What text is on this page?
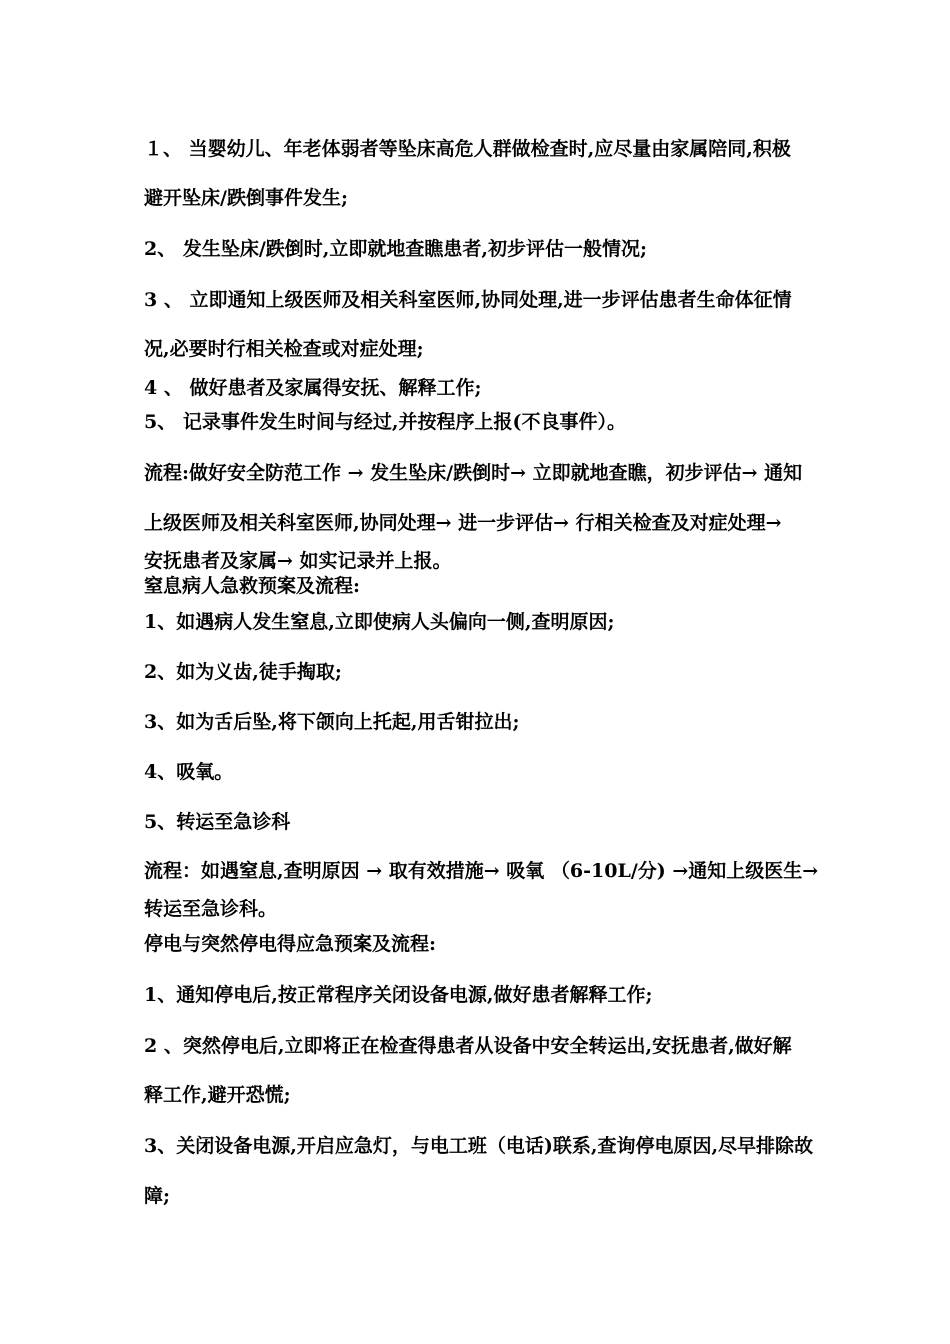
１、 当婴幼儿、年老体弱者等坠床高危人群做检查时,应尽量由家属陪同,积极
避开坠床/跌倒事件发生;
2、 发生坠床/跌倒时,立即就地查瞧患者,初步评估一般情况;
3 、 立即通知上级医师及相关科室医师,协同处理,进一步评估患者生命体征情
况,必要时行相关检查或对症处理;
4 、 做好患者及家属得安抚、解释工作;
5、 记录事件发生时间与经过,并按程序上报(不良事件）。
流程:做好安全防范工作 → 发生坠床/跌倒时→ 立即就地查瞧，初步评估→ 通知
上级医师及相关科室医师,协同处理→ 进一步评估→ 行相关检查及对症处理→
安抚患者及家属→ 如实记录并上报。
窒息病人急救预案及流程:
1、如遇病人发生窒息,立即使病人头偏向一侧,查明原因;
2、如为义齿,徒手掏取;
3、如为舌后坠,将下颌向上托起,用舌钳拉出;
4、吸氧。
5、转运至急诊科
流程：如遇窒息,查明原因 → 取有效措施→ 吸氧 （6-10L/分) →通知上级医生→
转运至急诊科。
停电与突然停电得应急预案及流程:
1、通知停电后,按正常程序关闭设备电源,做好患者解释工作;
2 、突然停电后,立即将正在检查得患者从设备中安全转运出,安抚患者,做好解
释工作,避开恐慌;
3、关闭设备电源,开启应急灯，与电工班（电话)联系,查询停电原因,尽早排除故
障;
